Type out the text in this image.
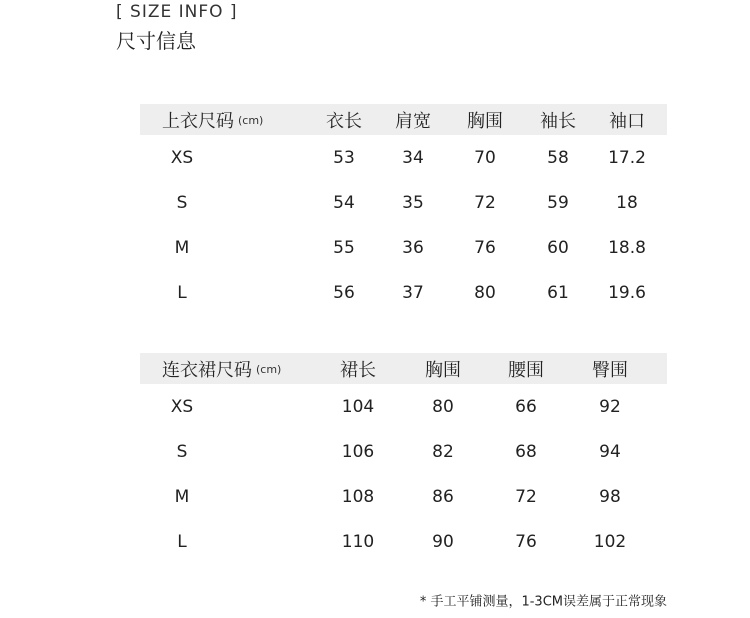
[ SIZE INFO ]
尺寸信息
上衣尺码 (cm)	衣长	肩宽	胸围	袖长	袖口
XS	53	34	70	58	17.2
S	54	35	72	59	18
M	55	36	76	60	18.8
L	56	37	80	61	19.6
连衣裙尺码 (cm)	裙长	胸围	腰围	臀围
XS	104	80	66	92
S	106	82	68	94
M	108	86	72	98
L	110	90	76	102
* 手工平铺测量，1-3CM误差属于正常现象
